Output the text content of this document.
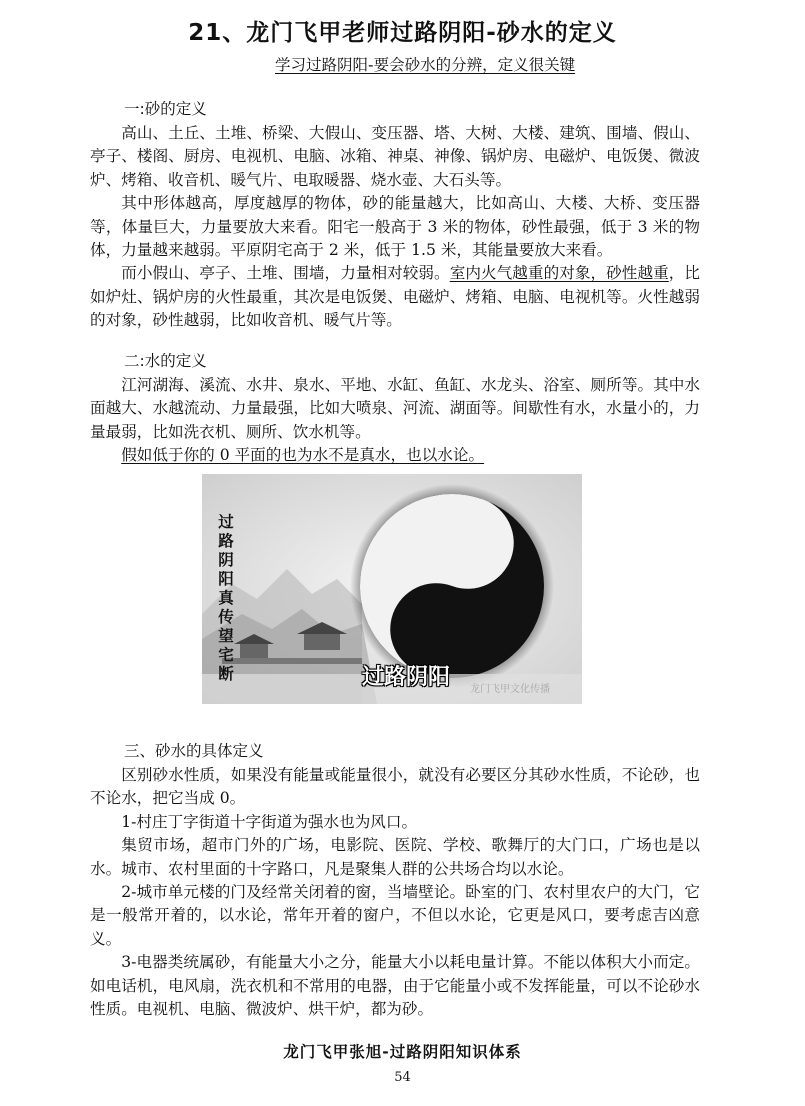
21、龙门飞甲老师过路阴阳-砂水的定义
学习过路阴阳-要会砂水的分辨，定义很关键
一:砂的定义

高山、土丘、土堆、桥梁、大假山、变压器、塔、大树、大楼、建筑、围墙、假山、亭子、楼阁、厨房、电视机、电脑、冰箱、神桌、神像、锅炉房、电磁炉、电饭煲、微波炉、烤箱、收音机、暖气片、电取暖器、烧水壶、大石头等。

其中形体越高，厚度越厚的物体，砂的能量越大，比如高山、大楼、大桥、变压器等，体量巨大，力量要放大来看。阳宅一般高于 3 米的物体，砂性最强，低于 3 米的物体，力量越来越弱。平原阴宅高于 2 米，低于 1.5 米，其能量要放大来看。

而小假山、亭子、土堆、围墙，力量相对较弱。室内火气越重的对象，砂性越重，比如炉灶、锅炉房的火性最重，其次是电饭煲、电磁炉、烤箱、电脑、电视机等。火性越弱的对象，砂性越弱，比如收音机、暖气片等。

二:水的定义

江河湖海、溪流、水井、泉水、平地、水缸、鱼缸、水龙头、浴室、厕所等。其中水面越大、水越流动、力量最强，比如大喷泉、河流、湖面等。间歇性有水，水量小的，力量最弱，比如洗衣机、厕所、饮水机等。

假如低于你的 0 平面的也为水不是真水，也以水论。

过
路
阴
阳
真
传
望
宅
断	过路阴阳 龙门飞甲文化传播
三、砂水的具体定义

区别砂水性质，如果没有能量或能量很小，就没有必要区分其砂水性质，不论砂，也不论水，把它当成 0。

1-村庄丁字街道十字街道为强水也为风口。

集贸市场，超市门外的广场，电影院、医院、学校、歌舞厅的大门口，广场也是以水。城市、农村里面的十字路口，凡是聚集人群的公共场合均以水论。

2-城市单元楼的门及经常关闭着的窗，当墙壁论。卧室的门、农村里农户的大门，它是一般常开着的，以水论，常年开着的窗户，不但以水论，它更是风口，要考虑吉凶意义。

3-电器类统属砂，有能量大小之分，能量大小以耗电量计算。不能以体积大小而定。如电话机，电风扇，洗衣机和不常用的电器，由于它能量小或不发挥能量，可以不论砂水性质。电视机、电脑、微波炉、烘干炉，都为砂。

龙门飞甲张旭-过路阴阳知识体系
54
